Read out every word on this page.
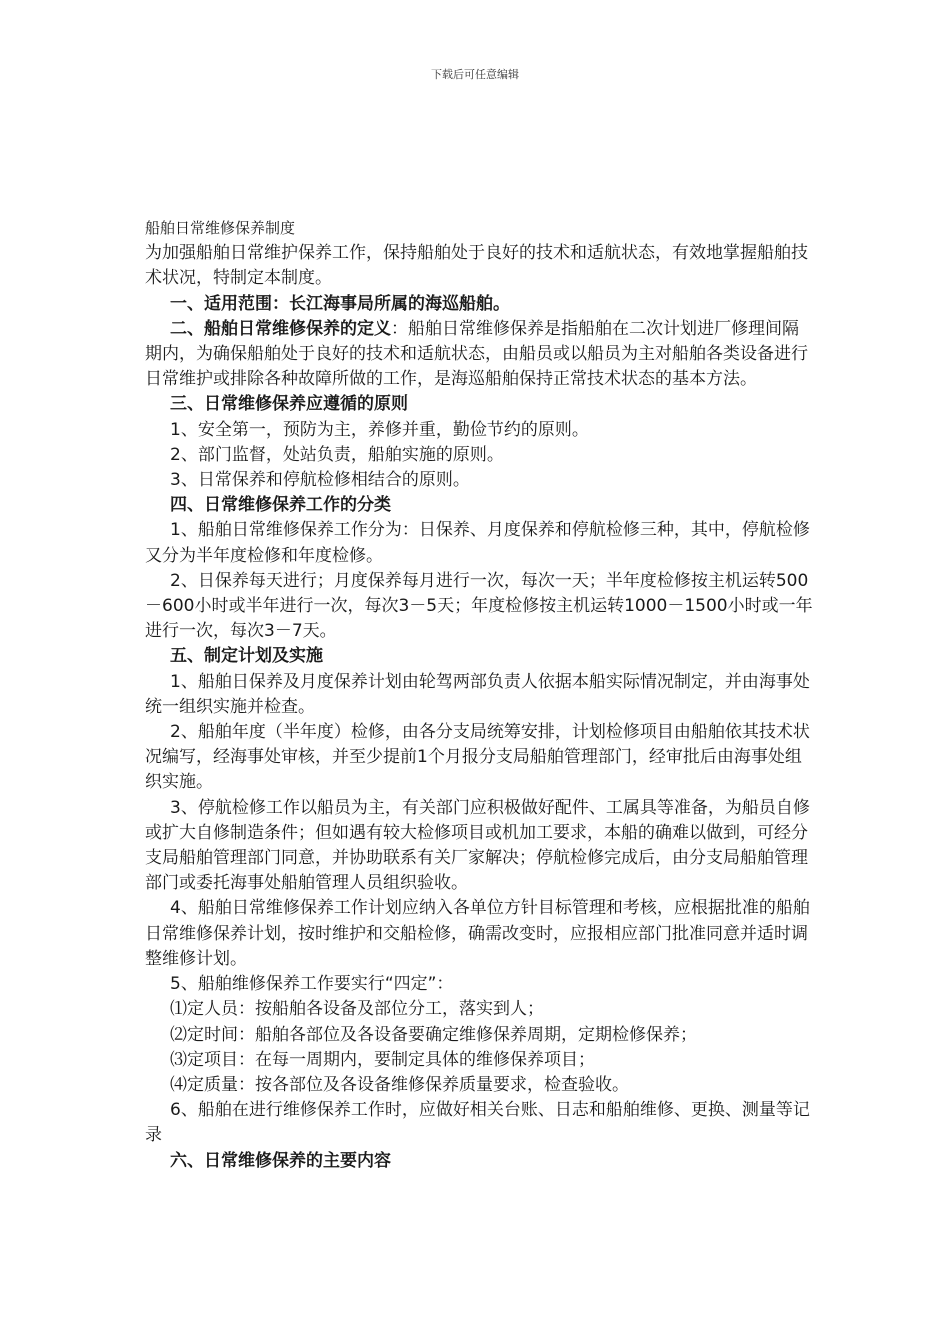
下载后可任意编辑

船舶日常维修保养制度

为加强船舶日常维护保养工作，保持船舶处于良好的技术和适航状态，有效地掌握船舶技术状况，特制定本制度。

一、适用范围：长江海事局所属的海巡船舶。

二、船舶日常维修保养的定义：船舶日常维修保养是指船舶在二次计划进厂修理间隔期内，为确保船舶处于良好的技术和适航状态，由船员或以船员为主对船舶各类设备进行日常维护或排除各种故障所做的工作，是海巡船舶保持正常技术状态的基本方法。

三、日常维修保养应遵循的原则

1、安全第一，预防为主，养修并重，勤俭节约的原则。

2、部门监督，处站负责，船舶实施的原则。

3、日常保养和停航检修相结合的原则。

四、日常维修保养工作的分类

1、船舶日常维修保养工作分为：日保养、月度保养和停航检修三种，其中，停航检修又分为半年度检修和年度检修。

2、日保养每天进行；月度保养每月进行一次，每次一天；半年度检修按主机运转500－600小时或半年进行一次，每次3－5天；年度检修按主机运转1000－1500小时或一年进行一次，每次3－7天。

五、制定计划及实施

1、船舶日保养及月度保养计划由轮驾两部负责人依据本船实际情况制定，并由海事处统一组织实施并检查。

2、船舶年度（半年度）检修，由各分支局统筹安排，计划检修项目由船舶依其技术状况编写，经海事处审核，并至少提前1个月报分支局船舶管理部门，经审批后由海事处组织实施。

3、停航检修工作以船员为主，有关部门应积极做好配件、工属具等准备，为船员自修或扩大自修制造条件；但如遇有较大检修项目或机加工要求，本船的确难以做到，可经分支局船舶管理部门同意，并协助联系有关厂家解决；停航检修完成后，由分支局船舶管理部门或委托海事处船舶管理人员组织验收。

4、船舶日常维修保养工作计划应纳入各单位方针目标管理和考核，应根据批准的船舶日常维修保养计划，按时维护和交船检修，确需改变时，应报相应部门批准同意并适时调整维修计划。

5、船舶维修保养工作要实行“四定”：

⑴定人员：按船舶各设备及部位分工，落实到人；

⑵定时间：船舶各部位及各设备要确定维修保养周期，定期检修保养；

⑶定项目：在每一周期内，要制定具体的维修保养项目；

⑷定质量：按各部位及各设备维修保养质量要求，检查验收。

6、船舶在进行维修保养工作时，应做好相关台账、日志和船舶维修、更换、测量等记录

六、日常维修保养的主要内容
